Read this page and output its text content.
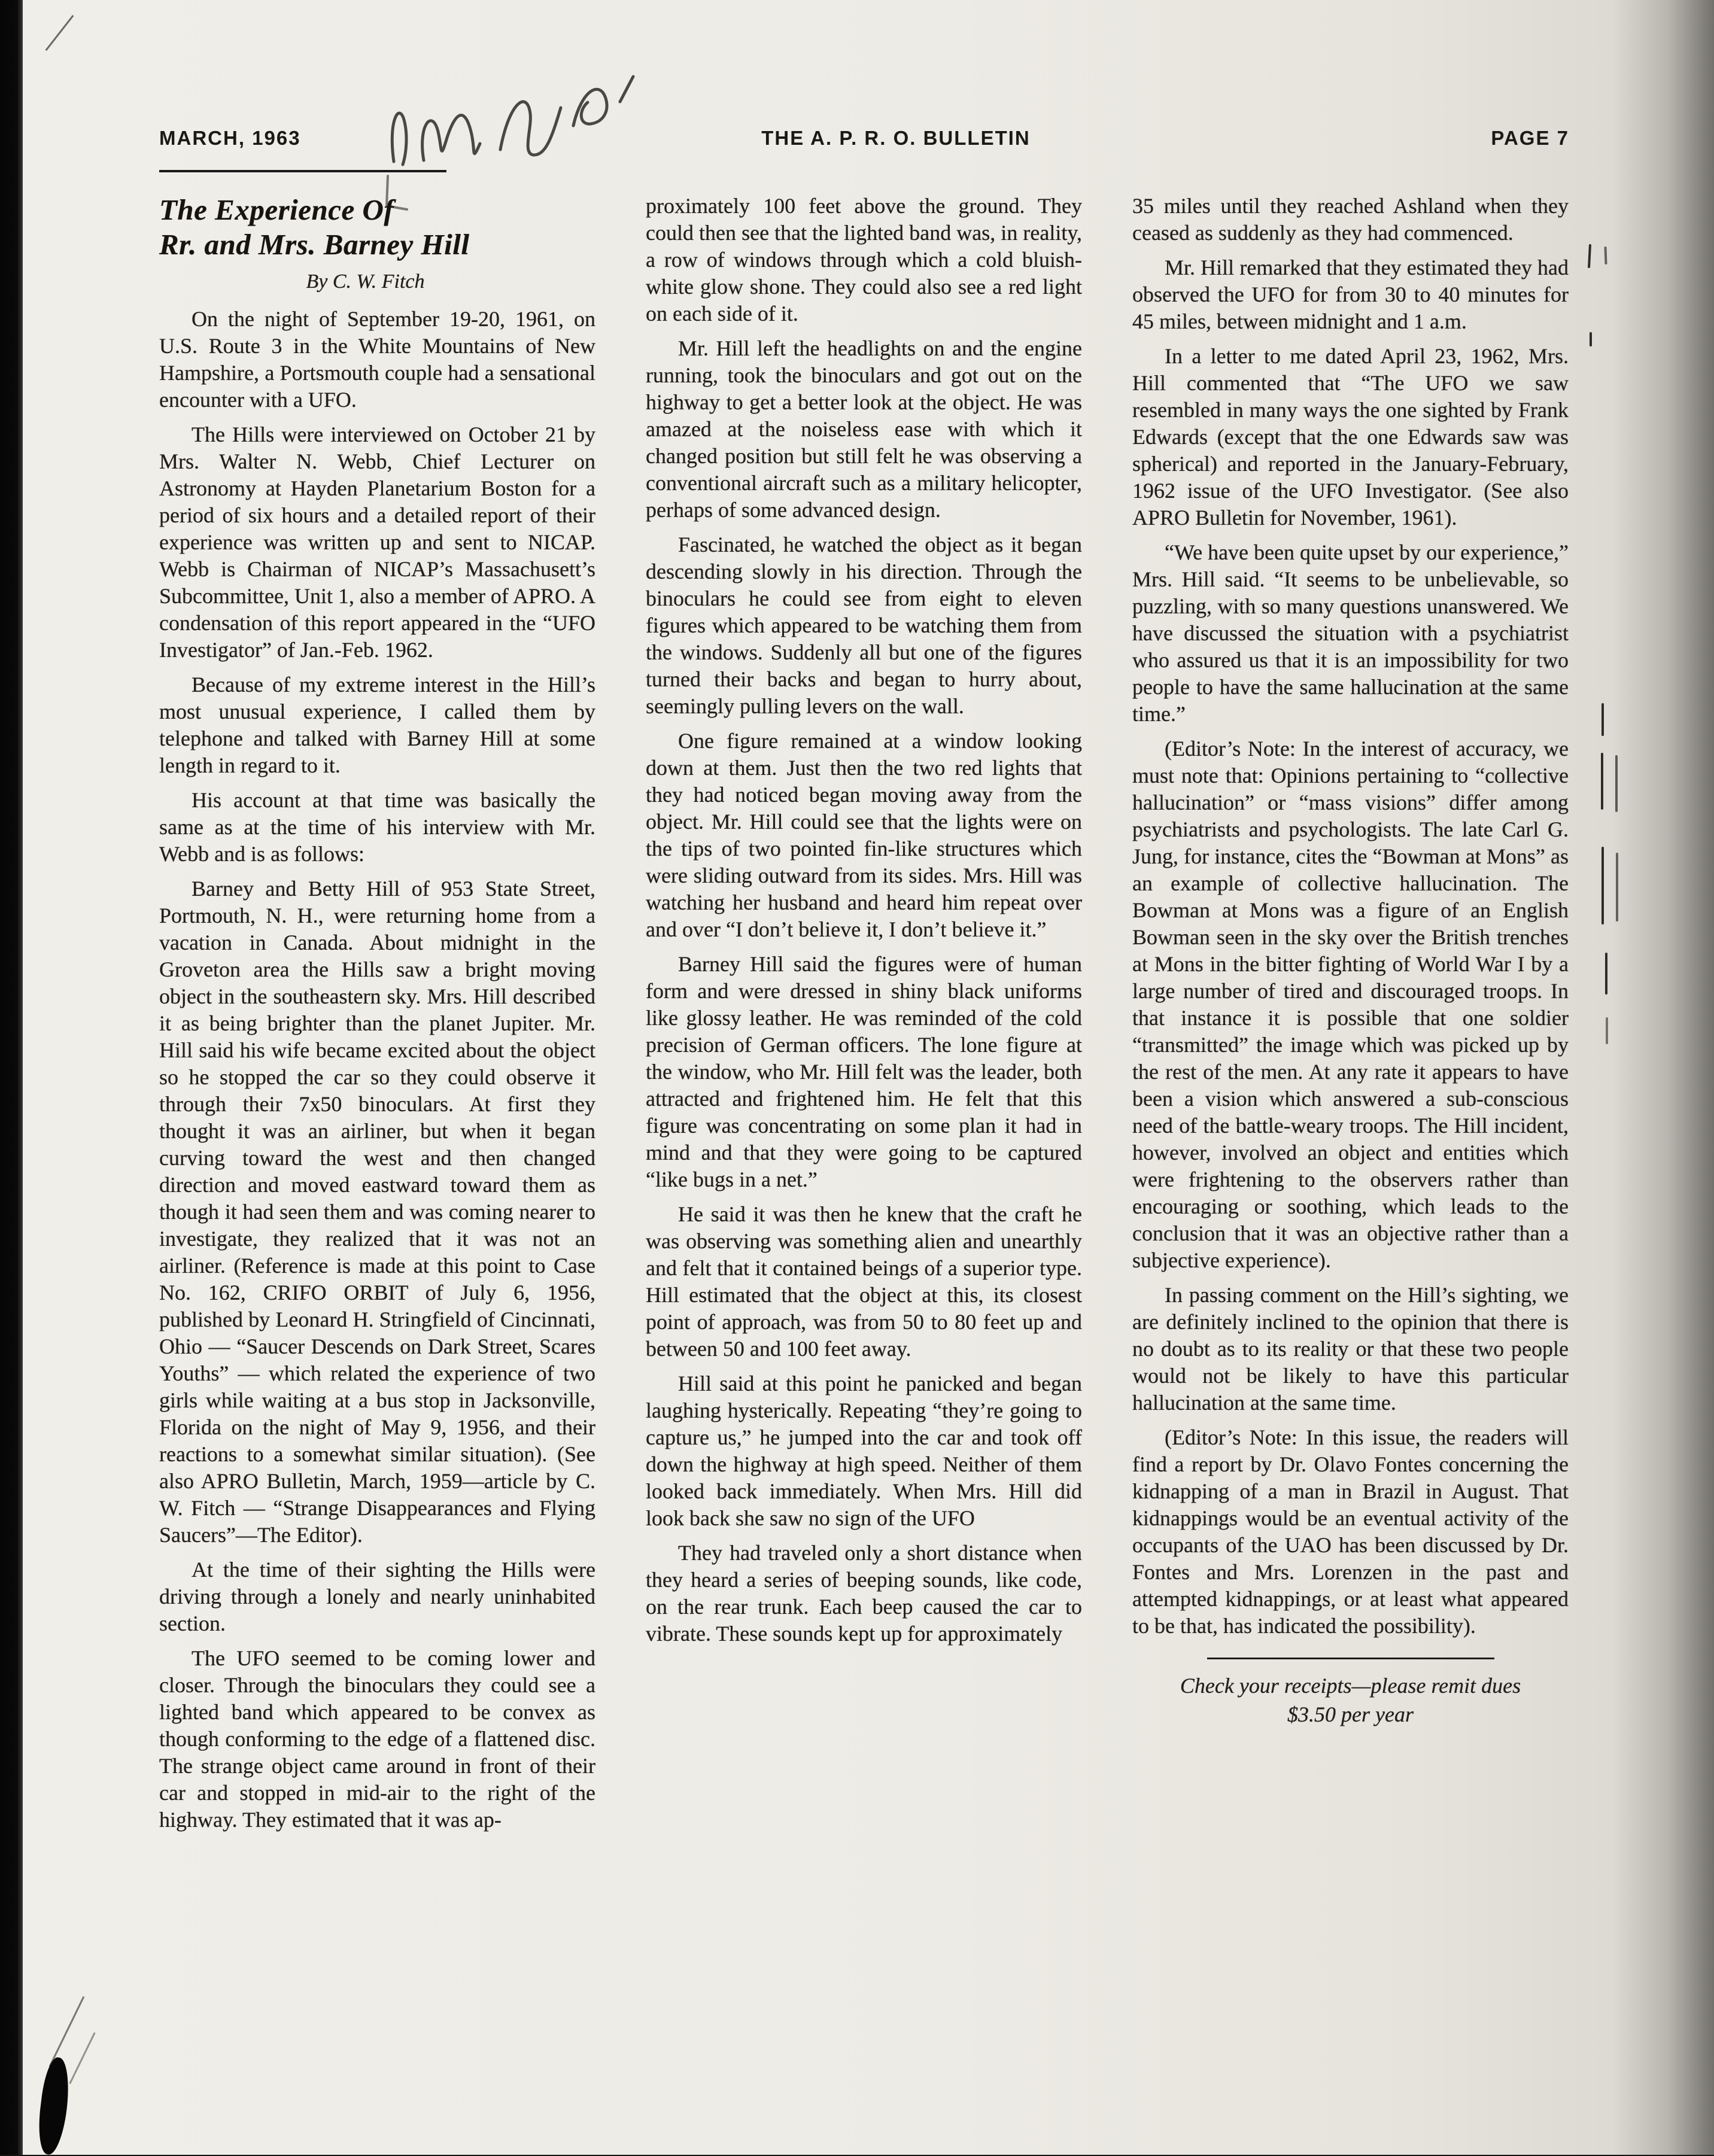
MARCH, 1963	THE A. P. R. O. BULLETIN	PAGE 7
The Experience Of
Rr. and Mrs. Barney Hill
By C. W. Fitch

On the night of September 19-20, 1961, on U.S. Route 3 in the White Mountains of New Hampshire, a Portsmouth couple had a sensational encounter with a UFO.

The Hills were interviewed on October 21 by Mrs. Walter N. Webb, Chief Lecturer on Astronomy at Hayden Planetarium Boston for a period of six hours and a detailed report of their experience was written up and sent to NICAP. Webb is Chairman of NICAP’s Massachusett’s Subcommittee, Unit 1, also a member of APRO. A condensation of this report appeared in the “UFO Investigator” of Jan.-Feb. 1962.

Because of my extreme interest in the Hill’s most unusual experience, I called them by telephone and talked with Barney Hill at some length in regard to it.

His account at that time was basically the same as at the time of his interview with Mr. Webb and is as follows:

Barney and Betty Hill of 953 State Street, Portmouth, N. H., were returning home from a vacation in Canada. About midnight in the Groveton area the Hills saw a bright moving object in the southeastern sky. Mrs. Hill described it as being brighter than the planet Jupiter. Mr. Hill said his wife became excited about the object so he stopped the car so they could observe it through their 7x50 binoculars. At first they thought it was an airliner, but when it began curving toward the west and then changed direction and moved eastward toward them as though it had seen them and was coming nearer to investigate, they realized that it was not an airliner. (Reference is made at this point to Case No. 162, CRIFO ORBIT of July 6, 1956, published by Leonard H. Stringfield of Cincinnati, Ohio — “Saucer Descends on Dark Street, Scares Youths” — which related the experience of two girls while waiting at a bus stop in Jacksonville, Florida on the night of May 9, 1956, and their reactions to a somewhat similar situation). (See also APRO Bulletin, March, 1959—article by C. W. Fitch — “Strange Disappearances and Flying Saucers”—The Editor).

At the time of their sighting the Hills were driving through a lonely and nearly uninhabited section.

The UFO seemed to be coming lower and closer. Through the binoculars they could see a lighted band which appeared to be convex as though conforming to the edge of a flattened disc. The strange object came around in front of their car and stopped in mid-air to the right of the highway. They estimated that it was ap-

proximately 100 feet above the ground. They could then see that the lighted band was, in reality, a row of windows through which a cold bluish-white glow shone. They could also see a red light on each side of it.

Mr. Hill left the headlights on and the engine running, took the binoculars and got out on the highway to get a better look at the object. He was amazed at the noiseless ease with which it changed position but still felt he was observing a conventional aircraft such as a military helicopter, perhaps of some advanced design.

Fascinated, he watched the object as it began descending slowly in his direction. Through the binoculars he could see from eight to eleven figures which appeared to be watching them from the windows. Suddenly all but one of the figures turned their backs and began to hurry about, seemingly pulling levers on the wall.

One figure remained at a window looking down at them. Just then the two red lights that they had noticed began moving away from the object. Mr. Hill could see that the lights were on the tips of two pointed fin-like structures which were sliding outward from its sides. Mrs. Hill was watching her husband and heard him repeat over and over “I don’t believe it, I don’t believe it.”

Barney Hill said the figures were of human form and were dressed in shiny black uniforms like glossy leather. He was reminded of the cold precision of German officers. The lone figure at the window, who Mr. Hill felt was the leader, both attracted and frightened him. He felt that this figure was concentrating on some plan it had in mind and that they were going to be captured “like bugs in a net.”

He said it was then he knew that the craft he was observing was something alien and unearthly and felt that it contained beings of a superior type. Hill estimated that the object at this, its closest point of approach, was from 50 to 80 feet up and between 50 and 100 feet away.

Hill said at this point he panicked and began laughing hysterically. Repeating “they’re going to capture us,” he jumped into the car and took off down the highway at high speed. Neither of them looked back immediately. When Mrs. Hill did look back she saw no sign of the UFO

They had traveled only a short distance when they heard a series of beeping sounds, like code, on the rear trunk. Each beep caused the car to vibrate. These sounds kept up for approximately

35 miles until they reached Ashland when they ceased as suddenly as they had commenced.

Mr. Hill remarked that they estimated they had observed the UFO for from 30 to 40 minutes for 45 miles, between midnight and 1 a.m.

In a letter to me dated April 23, 1962, Mrs. Hill commented that “The UFO we saw resembled in many ways the one sighted by Frank Edwards (except that the one Edwards saw was spherical) and reported in the January-February, 1962 issue of the UFO Investigator. (See also APRO Bulletin for November, 1961).

“We have been quite upset by our experience,” Mrs. Hill said. “It seems to be unbelievable, so puzzling, with so many questions unanswered. We have discussed the situation with a psychiatrist who assured us that it is an impossibility for two people to have the same hallucination at the same time.”

(Editor’s Note: In the interest of accuracy, we must note that: Opinions pertaining to “collective hallucination” or “mass visions” differ among psychiatrists and psychologists. The late Carl G. Jung, for instance, cites the “Bowman at Mons” as an example of collective hallucination. The Bowman at Mons was a figure of an English Bowman seen in the sky over the British trenches at Mons in the bitter fighting of World War I by a large number of tired and discouraged troops. In that instance it is possible that one soldier “transmitted” the image which was picked up by the rest of the men. At any rate it appears to have been a vision which answered a sub-conscious need of the battle-weary troops. The Hill incident, however, involved an object and entities which were frightening to the observers rather than encouraging or soothing, which leads to the conclusion that it was an objective rather than a subjective experience).

In passing comment on the Hill’s sighting, we are definitely inclined to the opinion that there is no doubt as to its reality or that these two people would not be likely to have this particular hallucination at the same time.

(Editor’s Note: In this issue, the readers will find a report by Dr. Olavo Fontes concerning the kidnapping of a man in Brazil in August. That kidnappings would be an eventual activity of the occupants of the UAO has been discussed by Dr. Fontes and Mrs. Lorenzen in the past and attempted kidnappings, or at least what appeared to be that, has indicated the possibility).

Check your receipts—please remit dues
$3.50 per year
